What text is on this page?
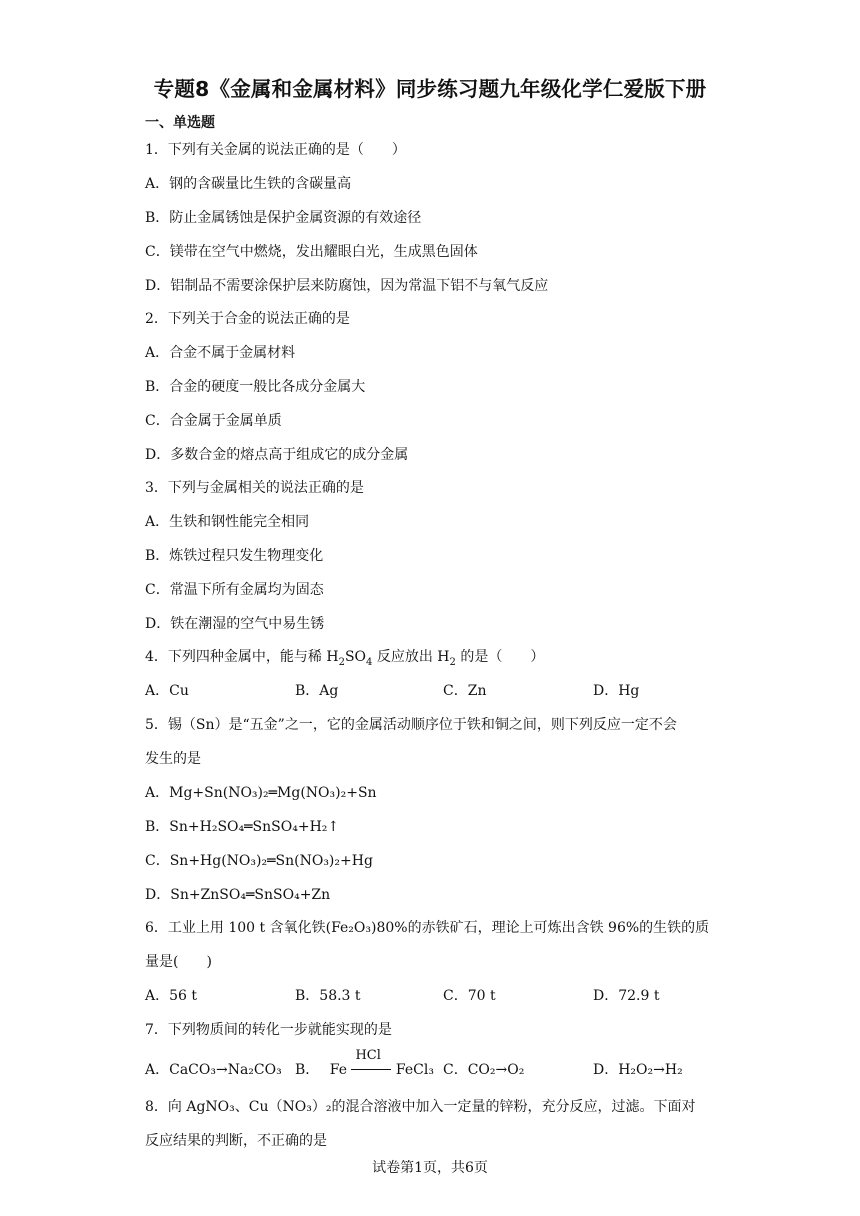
专题8《金属和金属材料》同步练习题九年级化学仁爱版下册
一、单选题
1．下列有关金属的说法正确的是（　　）
A．钢的含碳量比生铁的含碳量高
B．防止金属锈蚀是保护金属资源的有效途径
C．镁带在空气中燃烧，发出耀眼白光，生成黑色固体
D．铝制品不需要涂保护层来防腐蚀，因为常温下铝不与氧气反应
2．下列关于合金的说法正确的是
A．合金不属于金属材料
B．合金的硬度一般比各成分金属大
C．合金属于金属单质
D．多数合金的熔点高于组成它的成分金属
3．下列与金属相关的说法正确的是
A．生铁和钢性能完全相同
B．炼铁过程只发生物理变化
C．常温下所有金属均为固态
D．铁在潮湿的空气中易生锈
4．下列四种金属中，能与稀 $H_2SO_4$ 反应放出 $H_2$ 的是（　　）
A．Cu	B．Ag	C．Zn	D．Hg
5．锡（Sn）是“五金”之一，它的金属活动顺序位于铁和铜之间，则下列反应一定不会
发生的是
A．Mg+Sn(NO₃)₂═Mg(NO₃)₂+Sn
B．Sn+H₂SO₄═SnSO₄+H₂↑
C．Sn+Hg(NO₃)₂═Sn(NO₃)₂+Hg
D．Sn+ZnSO₄═SnSO₄+Zn
6．工业上用 100 t 含氧化铁(Fe₂O₃)80%的赤铁矿石，理论上可炼出含铁 96%的生铁的质
量是(　　)
A．56 t	B．58.3 t	C．70 t	D．72.9 t
7．下列物质间的转化一步就能实现的是
A．CaCO₃→Na₂CO₃ B． Fe
HCl
FeCl₃ C．CO₂→O₂	D．H₂O₂→H₂
8．向 AgNO₃、Cu（NO₃）₂的混合溶液中加入一定量的锌粉，充分反应，过滤。下面对
反应结果的判断，不正确的是
试卷第1页，共6页
